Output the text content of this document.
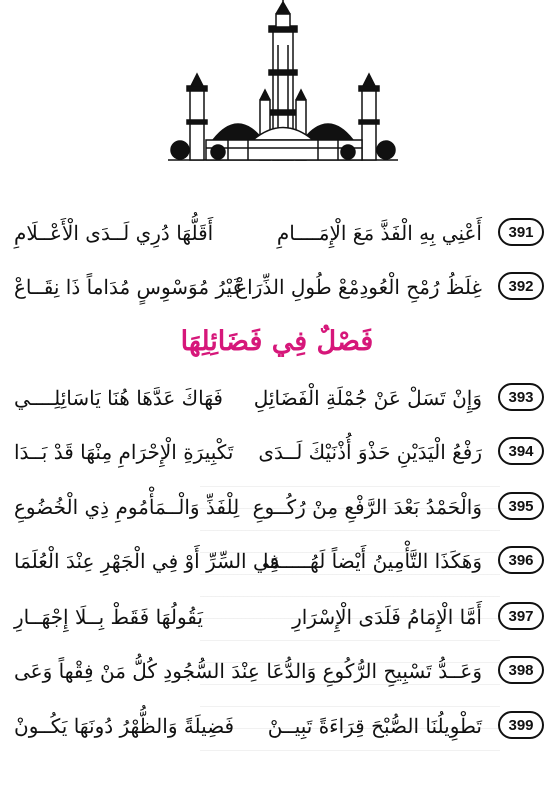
391
أَعْنِي بِهِ الْفَذَّ مَعَ الْإِمَــــامِ
أَقَلُّهَا دُرِي لَــدَى الْأَعْــلَامِ
392
غِلَظُ رُمْحِ الْعُودِمْعْ طُولِ الذِّرَاعْ
غَيْرُ مُوَسْوِسٍ مُدَاماً ذَا نِقَــاعْ
فَصْلٌ فِي فَضَائِلِهَا
393
وَإِنْ تَسَلْ عَنْ جُمْلَةِ الْفَضَائِلِ
فَهَاكَ عَدَّهَا هُنَا يَاسَائِلِــــي
394
رَفْعُ الْيَدَيْنِ حَذْوَ أُذْنَيْكَ لَــدَى
تَكْبِيرَةِ الْإِحْرَامِ مِنْهَا قَدْ بَــدَا
395
وَالْحَمْدُ بَعْدَ الرَّفْعِ مِنْ رُكُــوعِ
لِلْفَذِّ وَالْــمَأْمُومِ ذِي الْخُضُوعِ
396
وَهَكَذَا التَّأْمِينُ أَيْضاً لَهُـــــمَا
فِي السِّرِّ أَوْ فِي الْجَهْرِ عِنْدَ الْعُلَمَا
397
أَمَّا الْإِمَامُ فَلَدَى الْإِسْرَارِ
يَقُولُهَا فَقَطْ بِــلَا إِجْهَــارِ
398
وَعَــدُّ تَسْبِيحِ الرُّكُوعِ وَالدُّعَا
عِنْدَ السُّجُودِ كُلُّ مَنْ فِقْهاً وَعَى
399
تَطْوِيلُنَا الصُّبْحَ قِرَاءَةً تَبِيــنْ
فَضِيلَةً وَالظُّهْرُ دُونَهَا يَكُــونْ
